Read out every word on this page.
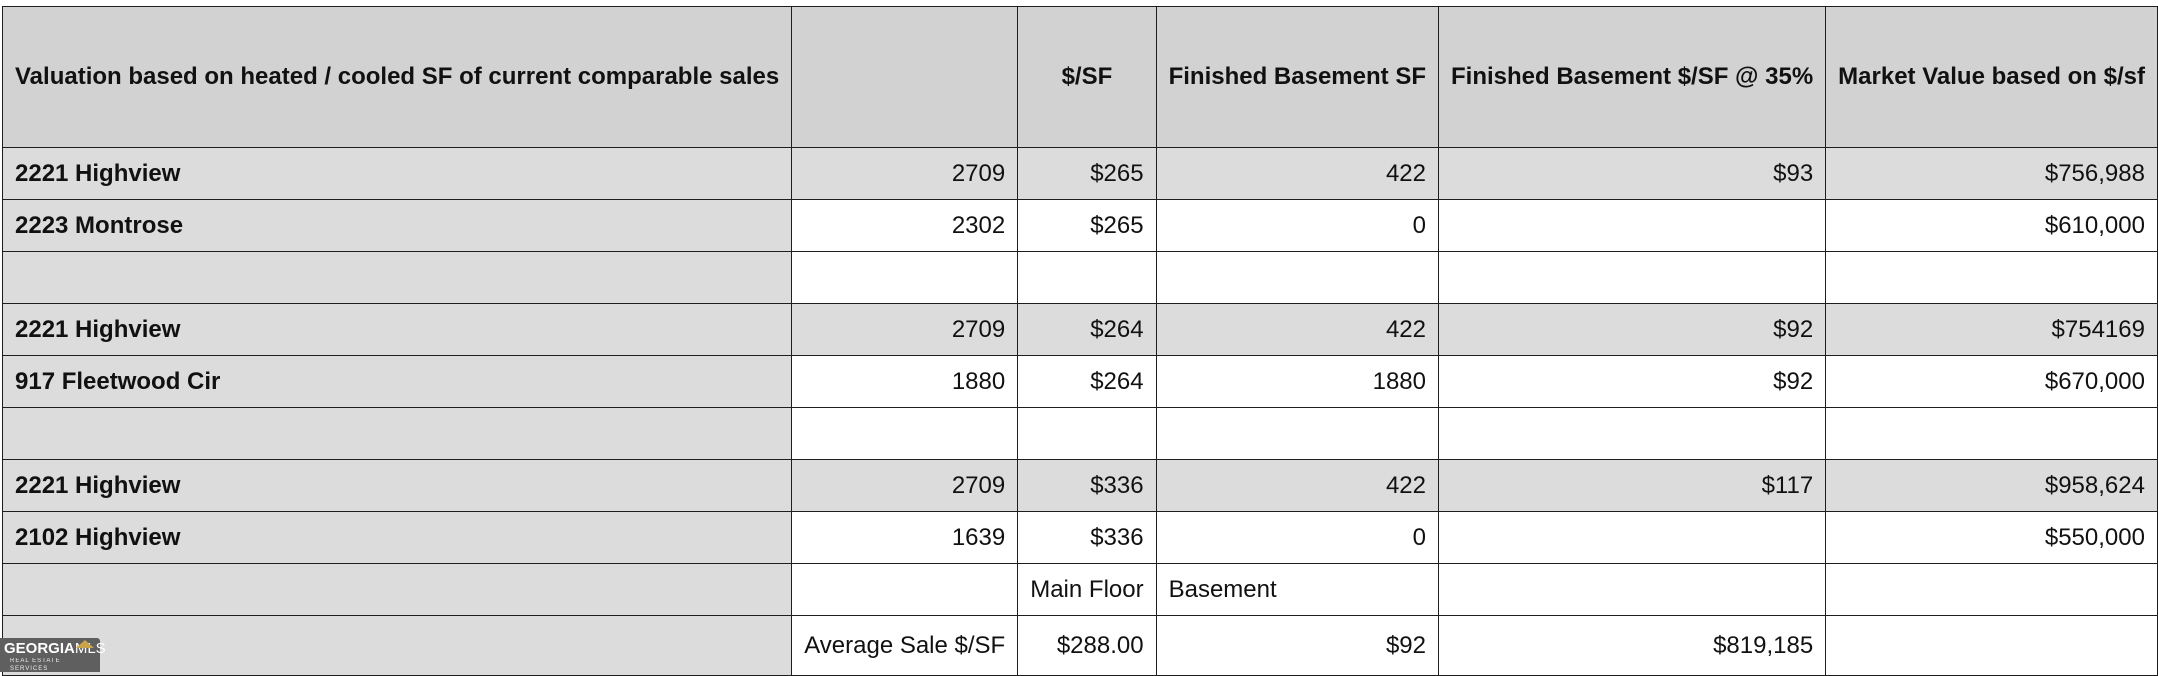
Valuation based on heated / cooled SF of current comparable sales		$/SF	Finished Basement SF	Finished Basement $/SF @ 35%	Market Value based on $/sf
2221 Highview	2709	$265	422	$93	$756,988
2223 Montrose	2302	$265	0		$610,000

2221 Highview	2709	$264	422	$92	$754169
917 Fleetwood Cir	1880	$264	1880	$92	$670,000

2221 Highview	2709	$336	422	$117	$958,624
2102 Highview	1639	$336	0		$550,000
		Main Floor	Basement		
	Average Sale $/SF	$288.00	$92	$819,185	
GEORGIAMLS
REAL ESTATE SERVICES
